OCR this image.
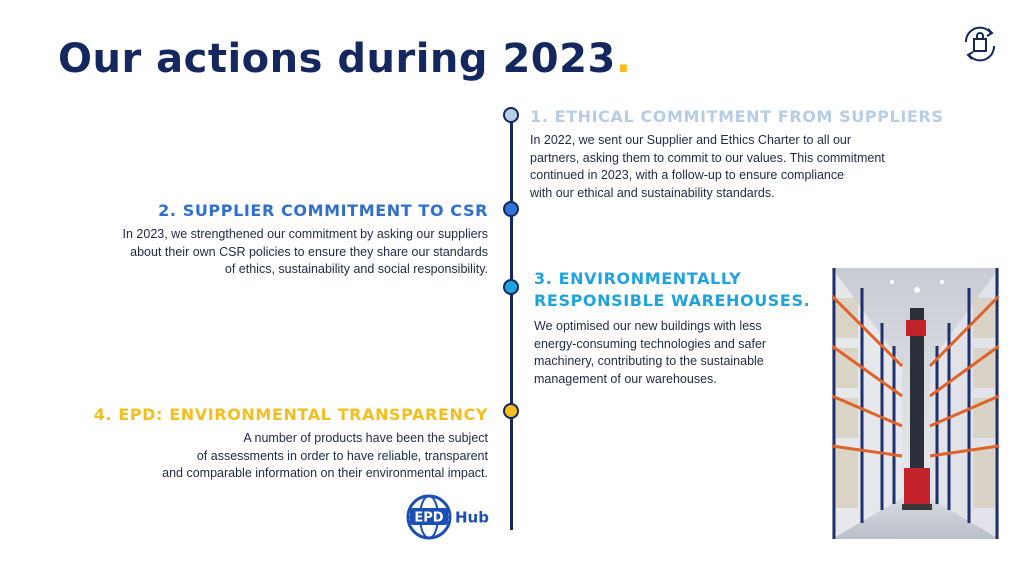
Our actions during 2023.
1. ETHICAL COMMITMENT FROM SUPPLIERS

In 2022, we sent our Supplier and Ethics Charter to all our
partners, asking them to commit to our values. This commitment
continued in 2023, with a follow-up to ensure compliance
with our ethical and sustainability standards.

2. SUPPLIER COMMITMENT TO CSR

In 2023, we strengthened our commitment by asking our suppliers
about their own CSR policies to ensure they share our standards
of ethics, sustainability and social responsibility.	3. ENVIRONMENTALLY
RESPONSIBLE WAREHOUSES.

We optimised our new buildings with less
energy-consuming technologies and safer
machinery, contributing to the sustainable
management of our warehouses.

4. EPD: ENVIRONMENTAL TRANSPARENCY

A number of products have been the subject
of assessments in order to have reliable, transparent
and comparable information on their environmental impact.

EPD Hub
